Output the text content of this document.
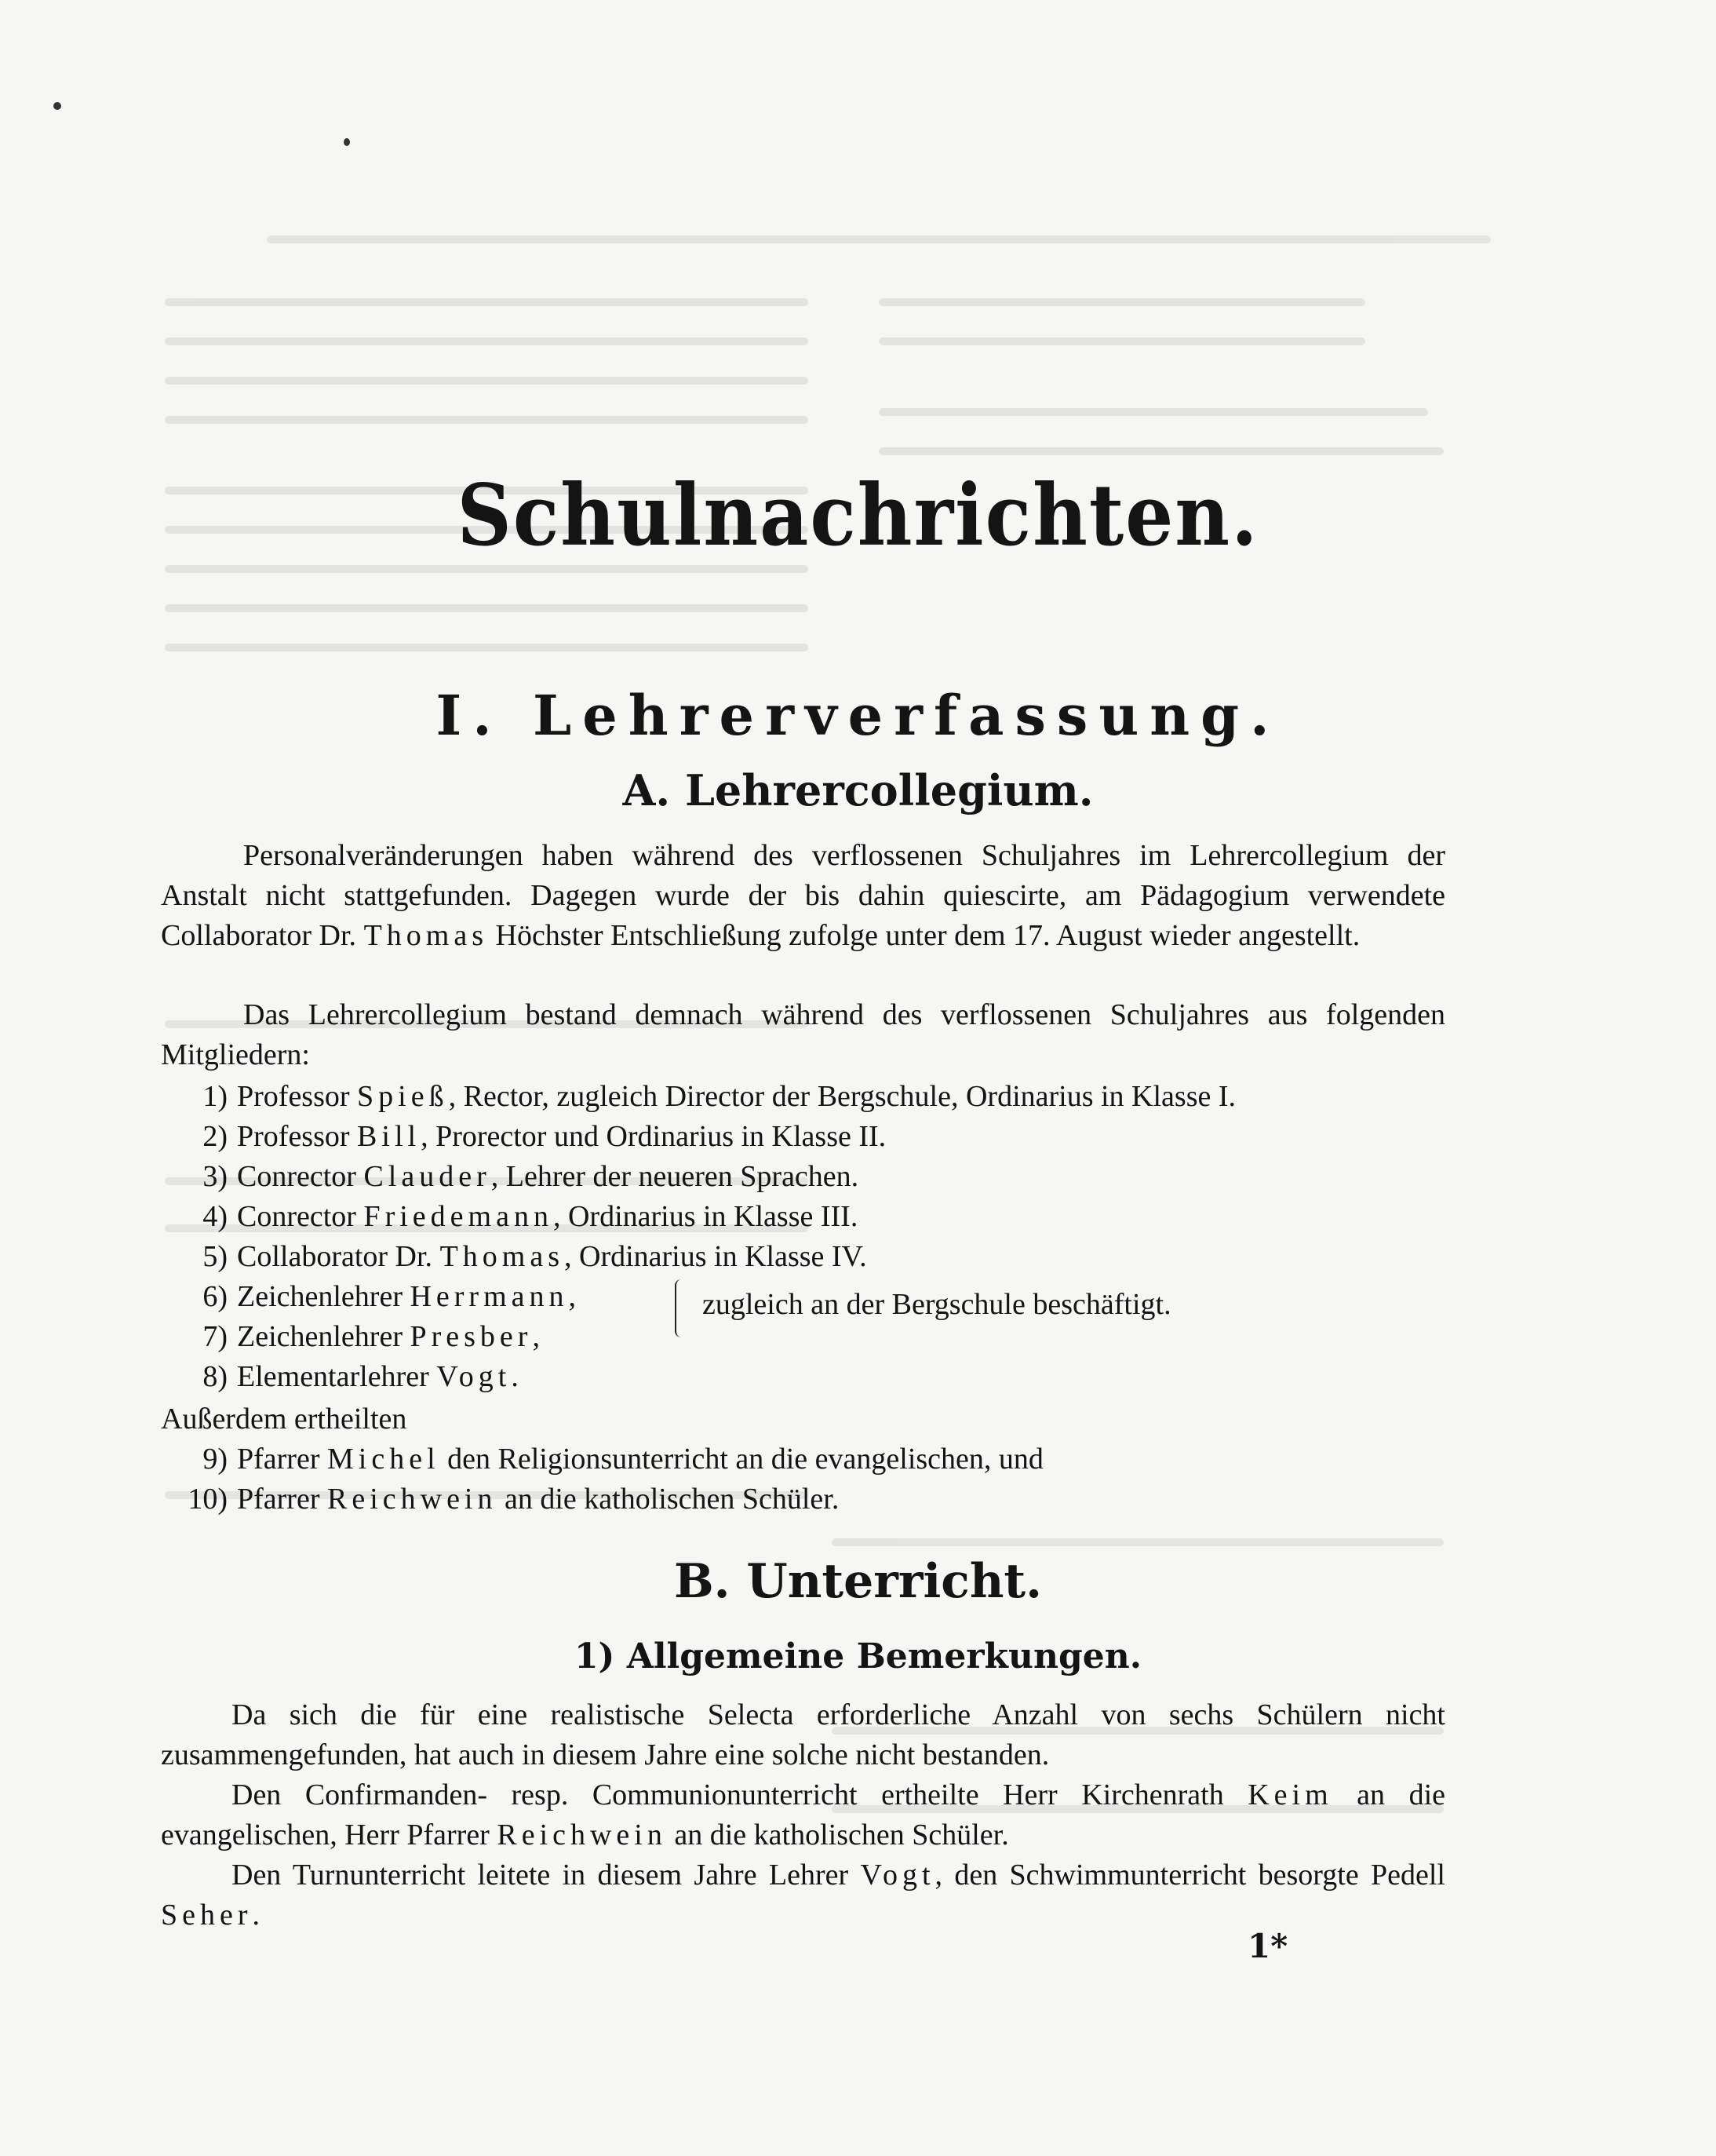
Schulnachrichten.
I. Lehrerverfassung.
A. Lehrercollegium.

Personalveränderungen haben während des verflossenen Schuljahres im Lehrercollegium der Anstalt nicht stattgefunden. Dagegen wurde der bis dahin quiescirte, am Pädagogium verwendete Collaborator Dr. Thomas Höchster Entschließung zufolge unter dem 17. August wieder angestellt.

Das Lehrercollegium bestand demnach während des verflossenen Schuljahres aus folgenden Mitgliedern:

1) Professor Spieß, Rector, zugleich Director der Bergschule, Ordinarius in Klasse I.
2) Professor Bill, Prorector und Ordinarius in Klasse II.
3) Conrector Clauder, Lehrer der neueren Sprachen.
4) Conrector Friedemann, Ordinarius in Klasse III.
5) Collaborator Dr. Thomas, Ordinarius in Klasse IV.
6) Zeichenlehrer Herrmann,
7) Zeichenlehrer Presber,
8) Elementarlehrer Vogt.
zugleich an der Bergschule beschäftigt.
Außerdem ertheilten
9) Pfarrer Michel den Religionsunterricht an die evangelischen, und
10) Pfarrer Reichwein an die katholischen Schüler.
B. Unterricht.
1) Allgemeine Bemerkungen.

Da sich die für eine realistische Selecta erforderliche Anzahl von sechs Schülern nicht zusammengefunden, hat auch in diesem Jahre eine solche nicht bestanden.

Den Confirmanden- resp. Communionunterricht ertheilte Herr Kirchenrath Keim an die evangelischen, Herr Pfarrer Reichwein an die katholischen Schüler.

Den Turnunterricht leitete in diesem Jahre Lehrer Vogt, den Schwimmunterricht besorgte Pedell Seher.

1*
